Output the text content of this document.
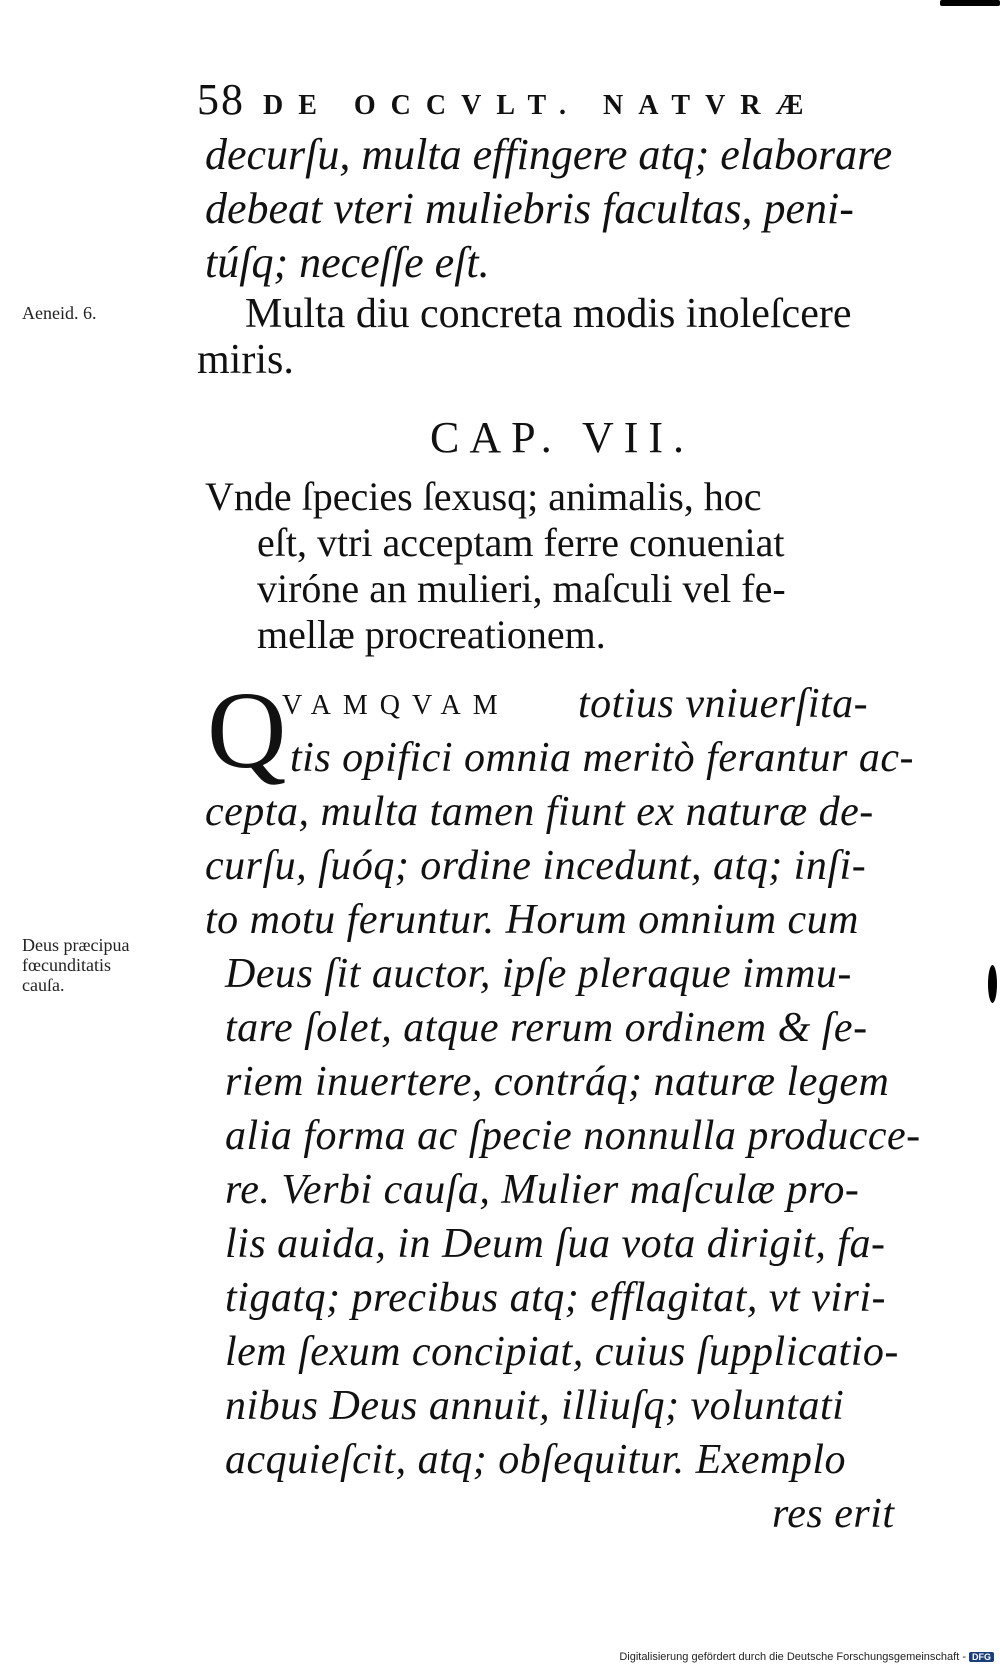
58 DE OCCVLT. NATVRÆ
decurſu, multa effingere atq; elaborare
debeat vteri muliebris facultas, peni-
túſq; neceſſe eſt.
Aeneid. 6.	Multa diu concreta modis inoleſcere
miris.
CAP. VII.
Vnde ſpecies ſexusq; animalis, hoc
eſt, vtri acceptam ferre conueniat
viróne an mulieri, maſculi vel fe-
mellæ procreationem.
Q
VAMQVAM totius vniuerſita-
tis opifici omnia meritò ferantur ac-
cepta, multa tamen fiunt ex naturæ de-
curſu, ſuóq; ordine incedunt, atq; inſi-
to motu feruntur. Horum omnium cum
Deus ſit auctor, ipſe pleraque immu-
tare ſolet, atque rerum ordinem & ſe-
riem inuertere, contráq; naturæ legem
alia forma ac ſpecie nonnulla producce-
re. Verbi cauſa, Mulier maſculæ pro-
lis auida, in Deum ſua vota dirigit, fa-
tigatq; precibus atq; efflagitat, vt viri-
lem ſexum concipiat, cuius ſupplicatio-
nibus Deus annuit, illiuſq; voluntati
acquieſcit, atq; obſequitur. Exemplo
res erit
Deus præcipua
fœcunditatis
cauſa.
Digitalisierung gefördert durch die Deutsche Forschungsgemeinschaft - DFG
